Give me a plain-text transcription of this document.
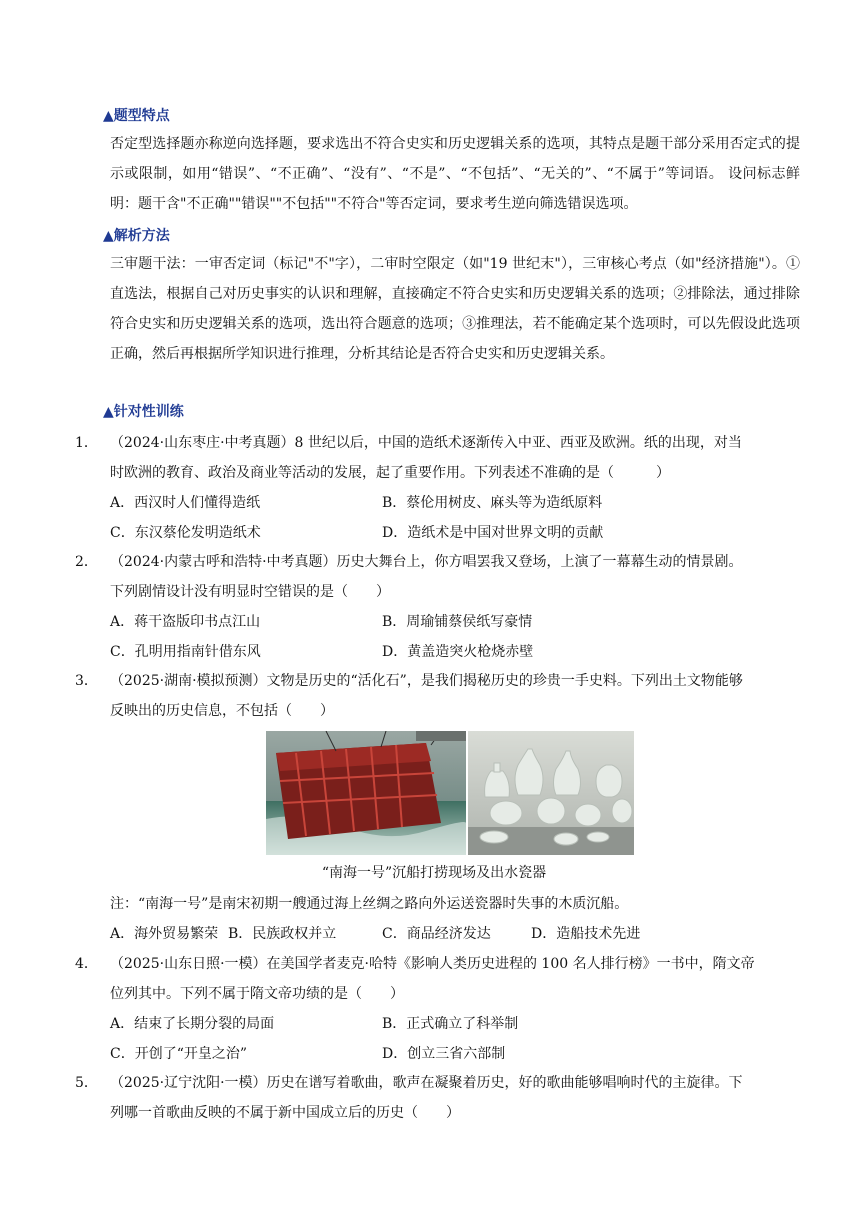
▲题型特点
否定型选择题亦称逆向选择题，要求选出不符合史实和历史逻辑关系的选项，其特点是题干部分采用否定式的提示或限制，如用“错误”、“不正确”、“没有”、“不是”、“不包括”、“无关的”、“不属于”等词语。 设问标志鲜明：题干含"不正确""错误""不包括""不符合"等否定词，要求考生逆向筛选错误选项。
▲解析方法
三审题干法：一审否定词（标记"不"字），二审时空限定（如"19 世纪末"），三审核心考点（如"经济措施"）。①直选法，根据自己对历史事实的认识和理解，直接确定不符合史实和历史逻辑关系的选项；②排除法，通过排除符合史实和历史逻辑关系的选项，选出符合题意的选项；③推理法，若不能确定某个选项时，可以先假设此选项正确，然后再根据所学知识进行推理，分析其结论是否符合史实和历史逻辑关系。
▲针对性训练
1． （2024·山东枣庄·中考真题）8 世纪以后，中国的造纸术逐渐传入中亚、西亚及欧洲。纸的出现，对当
时欧洲的教育、政治及商业等活动的发展，起了重要作用。下列表述不准确的是（　　　）
A．西汉时人们懂得造纸	B．蔡伦用树皮、麻头等为造纸原料
C．东汉蔡伦发明造纸术	D．造纸术是中国对世界文明的贡献
2． （2024·内蒙古呼和浩特·中考真题）历史大舞台上，你方唱罢我又登场，上演了一幕幕生动的情景剧。
下列剧情设计没有明显时空错误的是（　　）
A．蒋干盗版印书点江山	B．周瑜铺蔡侯纸写豪情
C．孔明用指南针借东风	D．黄盖造突火枪烧赤壁
3． （2025·湖南·模拟预测）文物是历史的“活化石”，是我们揭秘历史的珍贵一手史料。下列出土文物能够
反映出的历史信息，不包括（　　）
“南海一号”沉船打捞现场及出水瓷器
注：“南海一号”是南宋初期一艘通过海上丝绸之路向外运送瓷器时失事的木质沉船。
A．海外贸易繁荣 B．民族政权并立	C．商品经济发达	D．造船技术先进
4． （2025·山东日照·一模）在美国学者麦克·哈特《影响人类历史进程的 100 名人排行榜》一书中，隋文帝
位列其中。下列不属于隋文帝功绩的是（　　）
A．结束了长期分裂的局面	B．正式确立了科举制
C．开创了“开皇之治”	D．创立三省六部制
5． （2025·辽宁沈阳·一模）历史在谱写着歌曲，歌声在凝聚着历史，好的歌曲能够唱响时代的主旋律。下
列哪一首歌曲反映的不属于新中国成立后的历史（　　）
